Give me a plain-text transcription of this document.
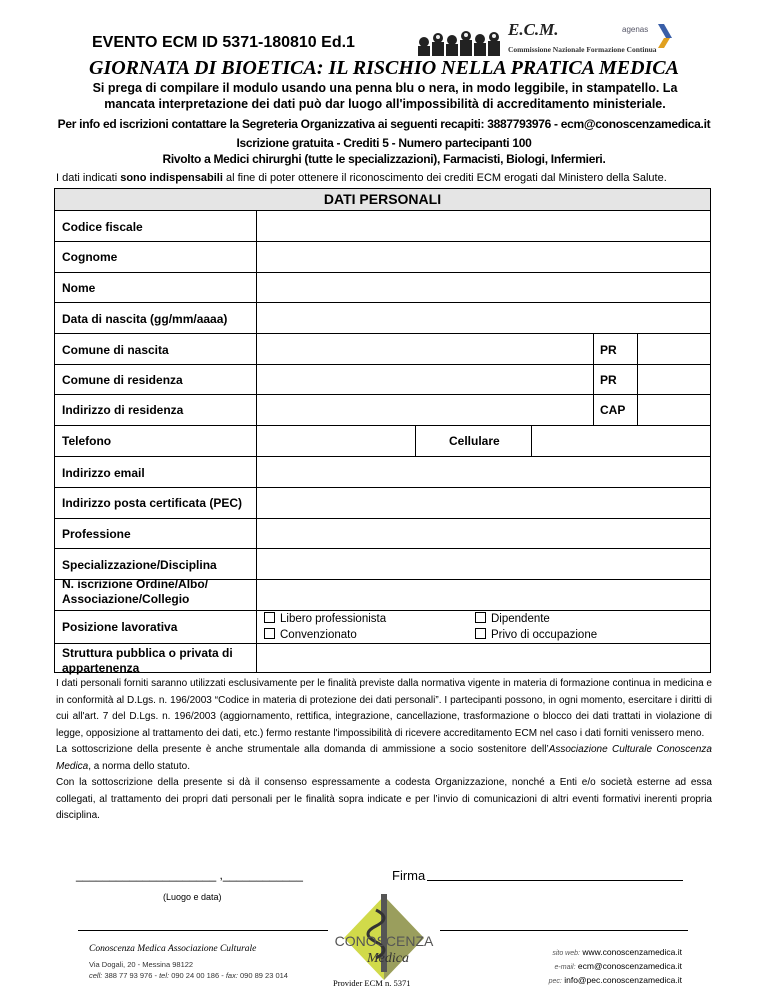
EVENTO ECM ID 5371-180810 Ed.1
E.C.M.
Commissione Nazionale Formazione Continua
agenas
GIORNATA DI BIOETICA: IL RISCHIO NELLA PRATICA MEDICA
Si prega di compilare il modulo usando una penna blu o nera, in modo leggibile, in stampatello. La mancata interpretazione dei dati può dar luogo all'impossibilità di accreditamento ministeriale.
Per info ed iscrizioni contattare la Segreteria Organizzativa ai seguenti recapiti: 3887793976 - ecm@conoscenzamedica.it
Iscrizione gratuita - Crediti 5 - Numero partecipanti 100
Rivolto a Medici chirurghi (tutte le specializzazioni), Farmacisti, Biologi, Infermieri.
I dati indicati sono indispensabili al fine di poter ottenere il riconoscimento dei crediti ECM erogati dal Ministero della Salute.
DATI PERSONALI
Codice fiscale
Cognome
Nome
Data di nascita (gg/mm/aaaa)
Comune di nascita	PR
Comune di residenza	PR
Indirizzo di residenza	CAP
Telefono	Cellulare
Indirizzo email
Indirizzo posta certificata (PEC)
Professione
Specializzazione/Disciplina
N. iscrizione Ordine/Albo/
Associazione/Collegio
Posizione lavorativa
Libero professionista	Dipendente
Convenzionato	Privo di occupazione
Struttura pubblica o privata di
appartenenza

I dati personali forniti saranno utilizzati esclusivamente per le finalità previste dalla normativa vigente in materia di formazione continua in medicina e in conformità al D.Lgs. n. 196/2003 “Codice in materia di protezione dei dati personali”. I partecipanti possono, in ogni momento, esercitare i diritti di cui all'art. 7 del D.Lgs. n. 196/2003 (aggiornamento, rettifica, integrazione, cancellazione, trasformazione o blocco dei dati trattati in violazione di legge, opposizione al trattamento dei dati, etc.) fermo restante l'impossibilità di ricevere accreditamento ECM nel caso i dati forniti venissero meno.

La sottoscrizione della presente è anche strumentale alla domanda di ammissione a socio sostenitore dell’Associazione Culturale Conoscenza Medica, a norma dello statuto.

Con la sottoscrizione della presente si dà il consenso espressamente a codesta Organizzazione, nonché a Enti e/o società esterne ad essa collegati, al trattamento dei propri dati personali per le finalità sopra indicate e per l’invio di comunicazioni di altri eventi formativi inerenti propria disciplina.

_____________________ ,____________
(Luogo e data)
Firma
Conoscenza Medica Associazione Culturale
Via Dogali, 20 - Messina 98122
cell: 388 77 93 976 - tel: 090 24 00 186 - fax: 090 89 23 014
CONOSCENZA
Medica
Provider ECM n. 5371
sito web: www.conoscenzamedica.it
e-mail: ecm@conoscenzamedica.it
pec: info@pec.conoscenzamedica.it
